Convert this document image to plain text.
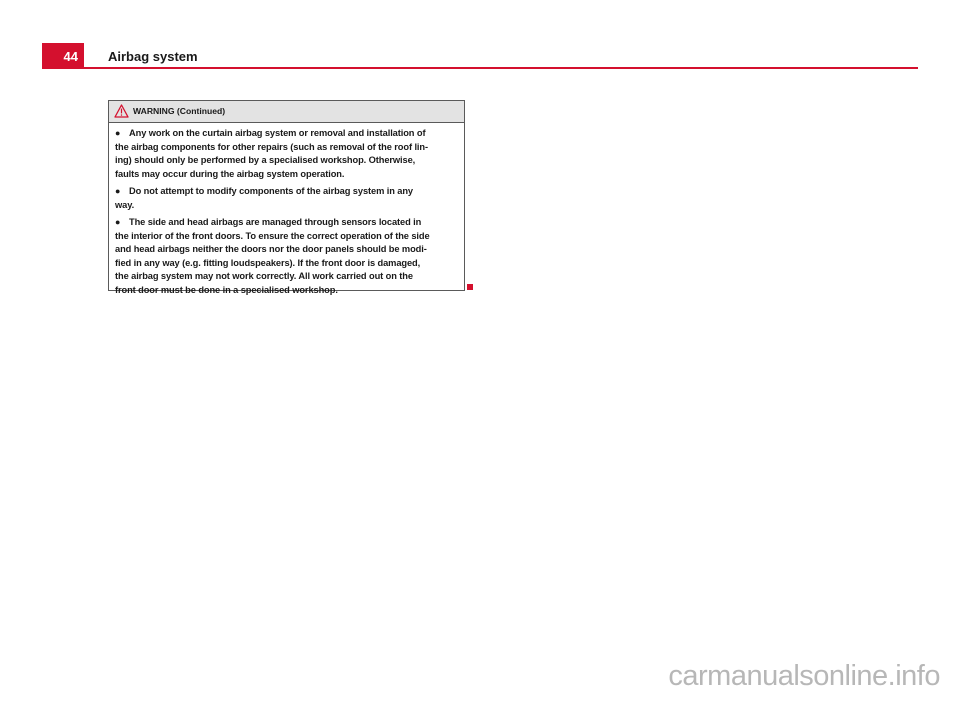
44	Airbag system
WARNING (Continued)
● Any work on the curtain airbag system or removal and installation of
the airbag components for other repairs (such as removal of the roof lin-
ing) should only be performed by a specialised workshop. Otherwise,
faults may occur during the airbag system operation.
● Do not attempt to modify components of the airbag system in any
way.
● The side and head airbags are managed through sensors located in
the interior of the front doors. To ensure the correct operation of the side
and head airbags neither the doors nor the door panels should be modi-
fied in any way (e.g. fitting loudspeakers). If the front door is damaged,
the airbag system may not work correctly. All work carried out on the
front door must be done in a specialised workshop.
carmanualsonline.info
